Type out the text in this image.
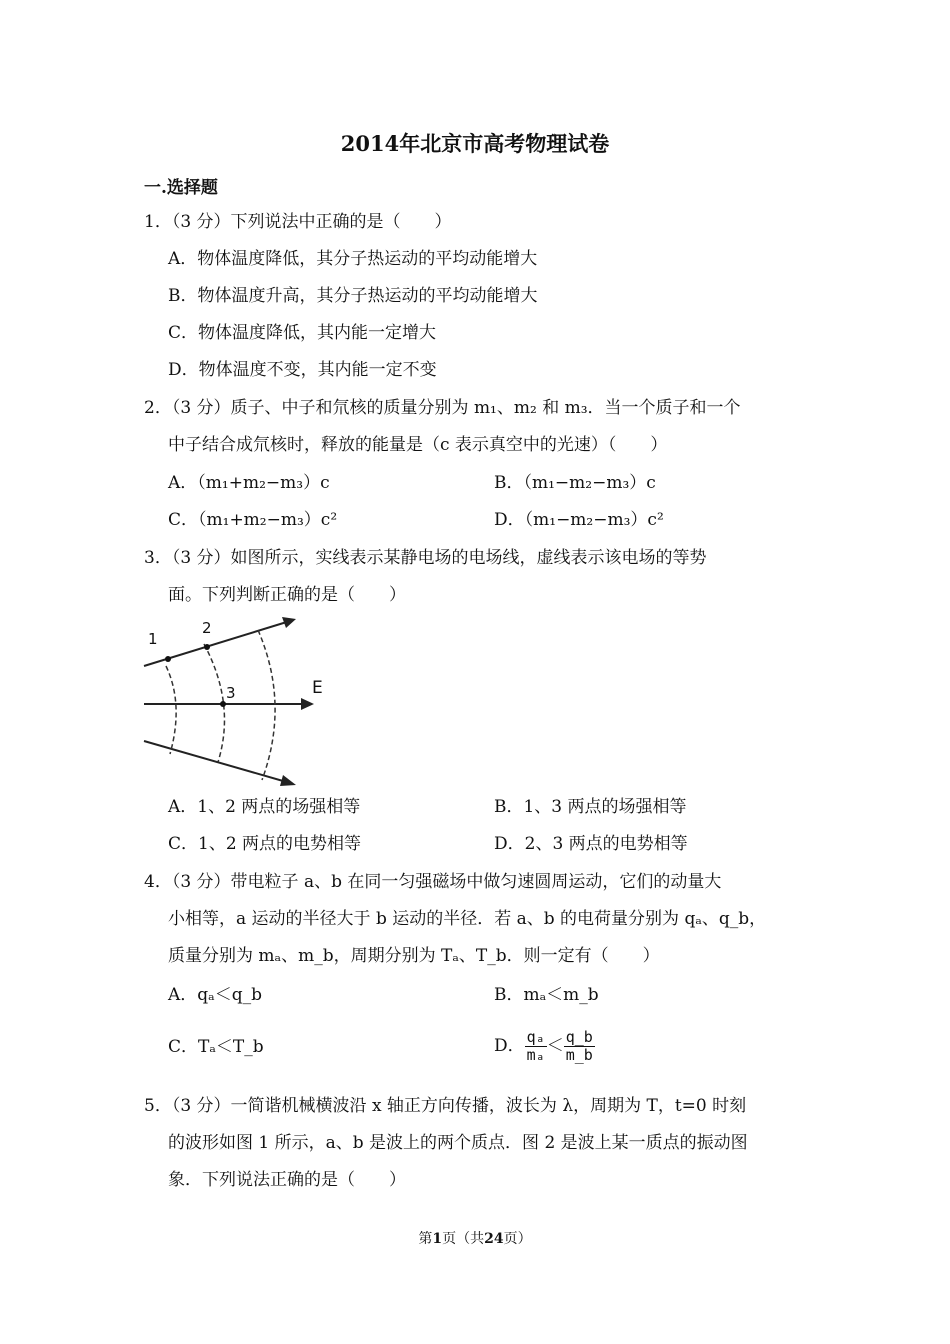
2014年北京市高考物理试卷
一.选择题
1．（3 分）下列说法中正确的是（　　）
A．物体温度降低，其分子热运动的平均动能增大
B．物体温度升高，其分子热运动的平均动能增大
C．物体温度降低，其内能一定增大
D．物体温度不变，其内能一定不变
2．（3 分）质子、中子和氘核的质量分别为 m₁、m₂ 和 m₃．当一个质子和一个
中子结合成氘核时，释放的能量是（c 表示真空中的光速）（　　）
A．（m₁+m₂−m₃）c	B．（m₁−m₂−m₃）c
C．（m₁+m₂−m₃）c²	D．（m₁−m₂−m₃）c²
3．（3 分）如图所示，实线表示某静电场的电场线，虚线表示该电场的等势
面。下列判断正确的是（　　）
1
2
3	E
A．1、2 两点的场强相等	B．1、3 两点的场强相等
C．1、2 两点的电势相等	D．2、3 两点的电势相等
4．（3 分）带电粒子 a、b 在同一匀强磁场中做匀速圆周运动，它们的动量大
小相等，a 运动的半径大于 b 运动的半径．若 a、b 的电荷量分别为 qₐ、q_b，
质量分别为 mₐ、m_b，周期分别为 Tₐ、T_b．则一定有（　　）
A．qₐ＜q_b	B．mₐ＜m_b
C．Tₐ＜T_b	D． $\frac{\text{qₐ}}{\text{mₐ}} < \frac{q\_b}{m\_b}$
5．（3 分）一简谐机械横波沿 x 轴正方向传播，波长为 λ，周期为 T，t=0 时刻
的波形如图 1 所示，a、b 是波上的两个质点．图 2 是波上某一质点的振动图
象．下列说法正确的是（　　）
第1页（共24页）
